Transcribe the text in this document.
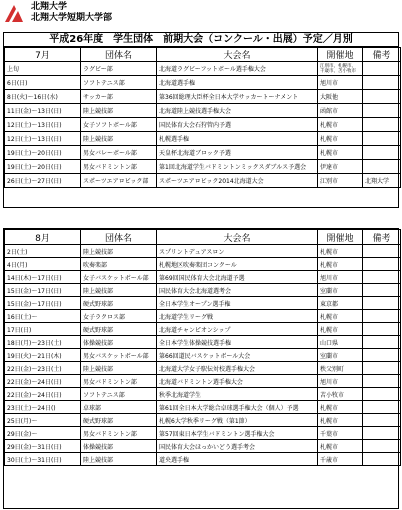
北翔大学
北翔大学短期大学部
平成26年度　学生団体　前期大会（コンクール・出展）予定／月別
7月	団体名	大会名	開催地	備考
上旬	ラグビー部	北海道ラグビーフットボール選手権大会	江別市、札幌市、千歳市、苫小牧市	
6日(日)	ソフトテニス部	北海道選手権	旭川市	
8日(火)～16日(水)	サッカー部	第36回総理大臣杯全日本大学サッカートーナメント	大阪他	
11日(金)～13日(日)	陸上競技部	北海道陸上競技選手権大会	函館市	
12日(土)～13日(日)	女子ソフトボール部	国民体育大会石狩管内予選	札幌市	
12日(土)～13日(日)	陸上競技部	札幌選手権	札幌市	
19日(土)～20日(日)	男女バレーボール部	天皇杯北海道ブロック予選	札幌市	
19日(土)～20日(日)	男女バドミントン部	第1回北海道学生バドミントンミックスダブルス予選会	伊達市	
26日(土)～27日(日)	スポーツエアロビック部	スポーツエアロビック2014北海道大会	江別市	北翔大学
8月	団体名	大会名	開催地	備考
2日(土)	陸上競技部	スプリントデュアスロン	札幌市	
4日(月)	吹奏楽部	札幌地区吹奏楽団コンクール	札幌市	
14日(木)～17日(日)	女子バスケットボール部	第69回国民体育大会北海道予選	旭川市	
15日(金)～17日(日)	陸上競技部	国民体育大会北海道選考会	室蘭市	
15日(金)～17日(日)	硬式野球部	全日本学生オープン選手権	東京都	
16日(土)～	女子ラクロス部	北海道学生リーグ戦	札幌市	
17日(日)	硬式野球部	北海道チャンピオンシップ	札幌市	
18日(月)～23日(土)	体操競技部	全日本学生体操競技選手権	山口県	
19日(火)～21日(木)	男女バスケットボール部	第66回道民バスケットボール大会	室蘭市	
22日(金)～23日(土)	陸上競技部	北海道大学女子駅伝対校選手権大会	秩父別町	
22日(金)～24日(日)	男女バドミントン部	北海道バドミントン選手権大会	旭川市	
22日(金)～24日(日)	ソフトテニス部	秋季北海道学生	苫小牧市	
23日(土)～24日()	卓球部	第61回全日本大学総合卓球選手権大会（個人）予選	札幌市	
25日(月)～	硬式野球部	札幌6大学秋季リーグ戦（第1節）	札幌市	
29日(金)～	男女バドミントン部	第57回東日本学生バドミントン選手権大会	千葉市	
29日(金)～31日(日)	体操競技部	国民体育大会ほっかいどう選手考会	札幌市	
30日(土)～31日(日)	陸上競技部	道央選手権	千歳市	
